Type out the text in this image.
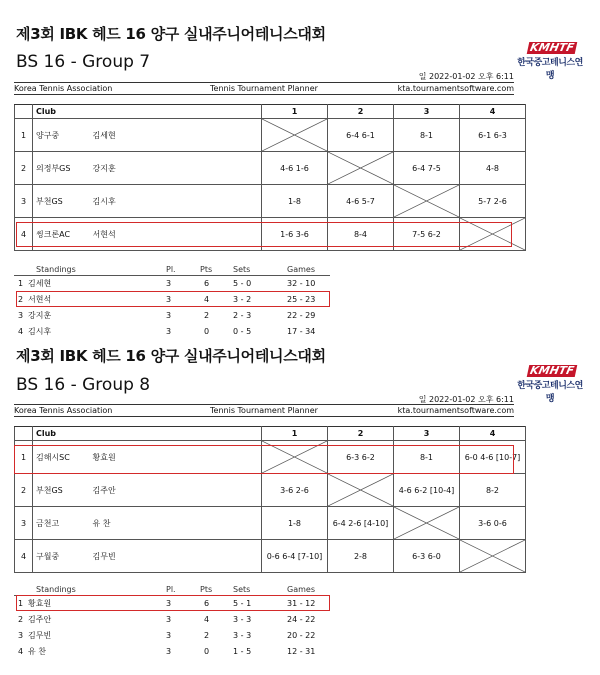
제3회 IBK 헤드 16 양구 실내주니어테니스대회
BS 16 - Group 7
KMHTF
한국중고테니스연맹
일 2022-01-02 오후 6:11
Korea Tennis Association	Tennis Tournament Planner	kta.tournamentsoftware.com
	Club		1	2	3	4
1	양구중	김세현		6-4 6-1	8-1	6-1 6-3
2	의정부GS	강지훈	4-6 1-6		6-4 7-5	4-8
3	부천GS	김시후	1-8	4-6 5-7		5-7 2-6
4	씽크론AC	서현석	1-6 3-6	8-4	7-5 6-2	
Standings	Pl.	Pts	Sets	Games
1 김세현	3	6	5 - 0	32 - 10
2 서현석	3	4	3 - 2	25 - 23
3 강지훈	3	2	2 - 3	22 - 29
4 김시후	3	0	0 - 5	17 - 34
제3회 IBK 헤드 16 양구 실내주니어테니스대회
BS 16 - Group 8
KMHTF
한국중고테니스연맹
일 2022-01-02 오후 6:11
Korea Tennis Association	Tennis Tournament Planner	kta.tournamentsoftware.com
	Club		1	2	3	4
1	김해시SC	황효원		6-3 6-2	8-1	6-0 4-6 [10-7]
2	부천GS	김주안	3-6 2-6		4-6 6-2 [10-4]	8-2
3	금천고	유 찬	1-8	6-4 2-6 [4-10]		3-6 0-6
4	구월중	김무빈	0-6 6-4 [7-10]	2-8	6-3 6-0	
Standings	Pl.	Pts	Sets	Games
1 황효원	3	6	5 - 1	31 - 12
2 김주안	3	4	3 - 3	24 - 22
3 김무빈	3	2	3 - 3	20 - 22
4 유 찬	3	0	1 - 5	12 - 31
